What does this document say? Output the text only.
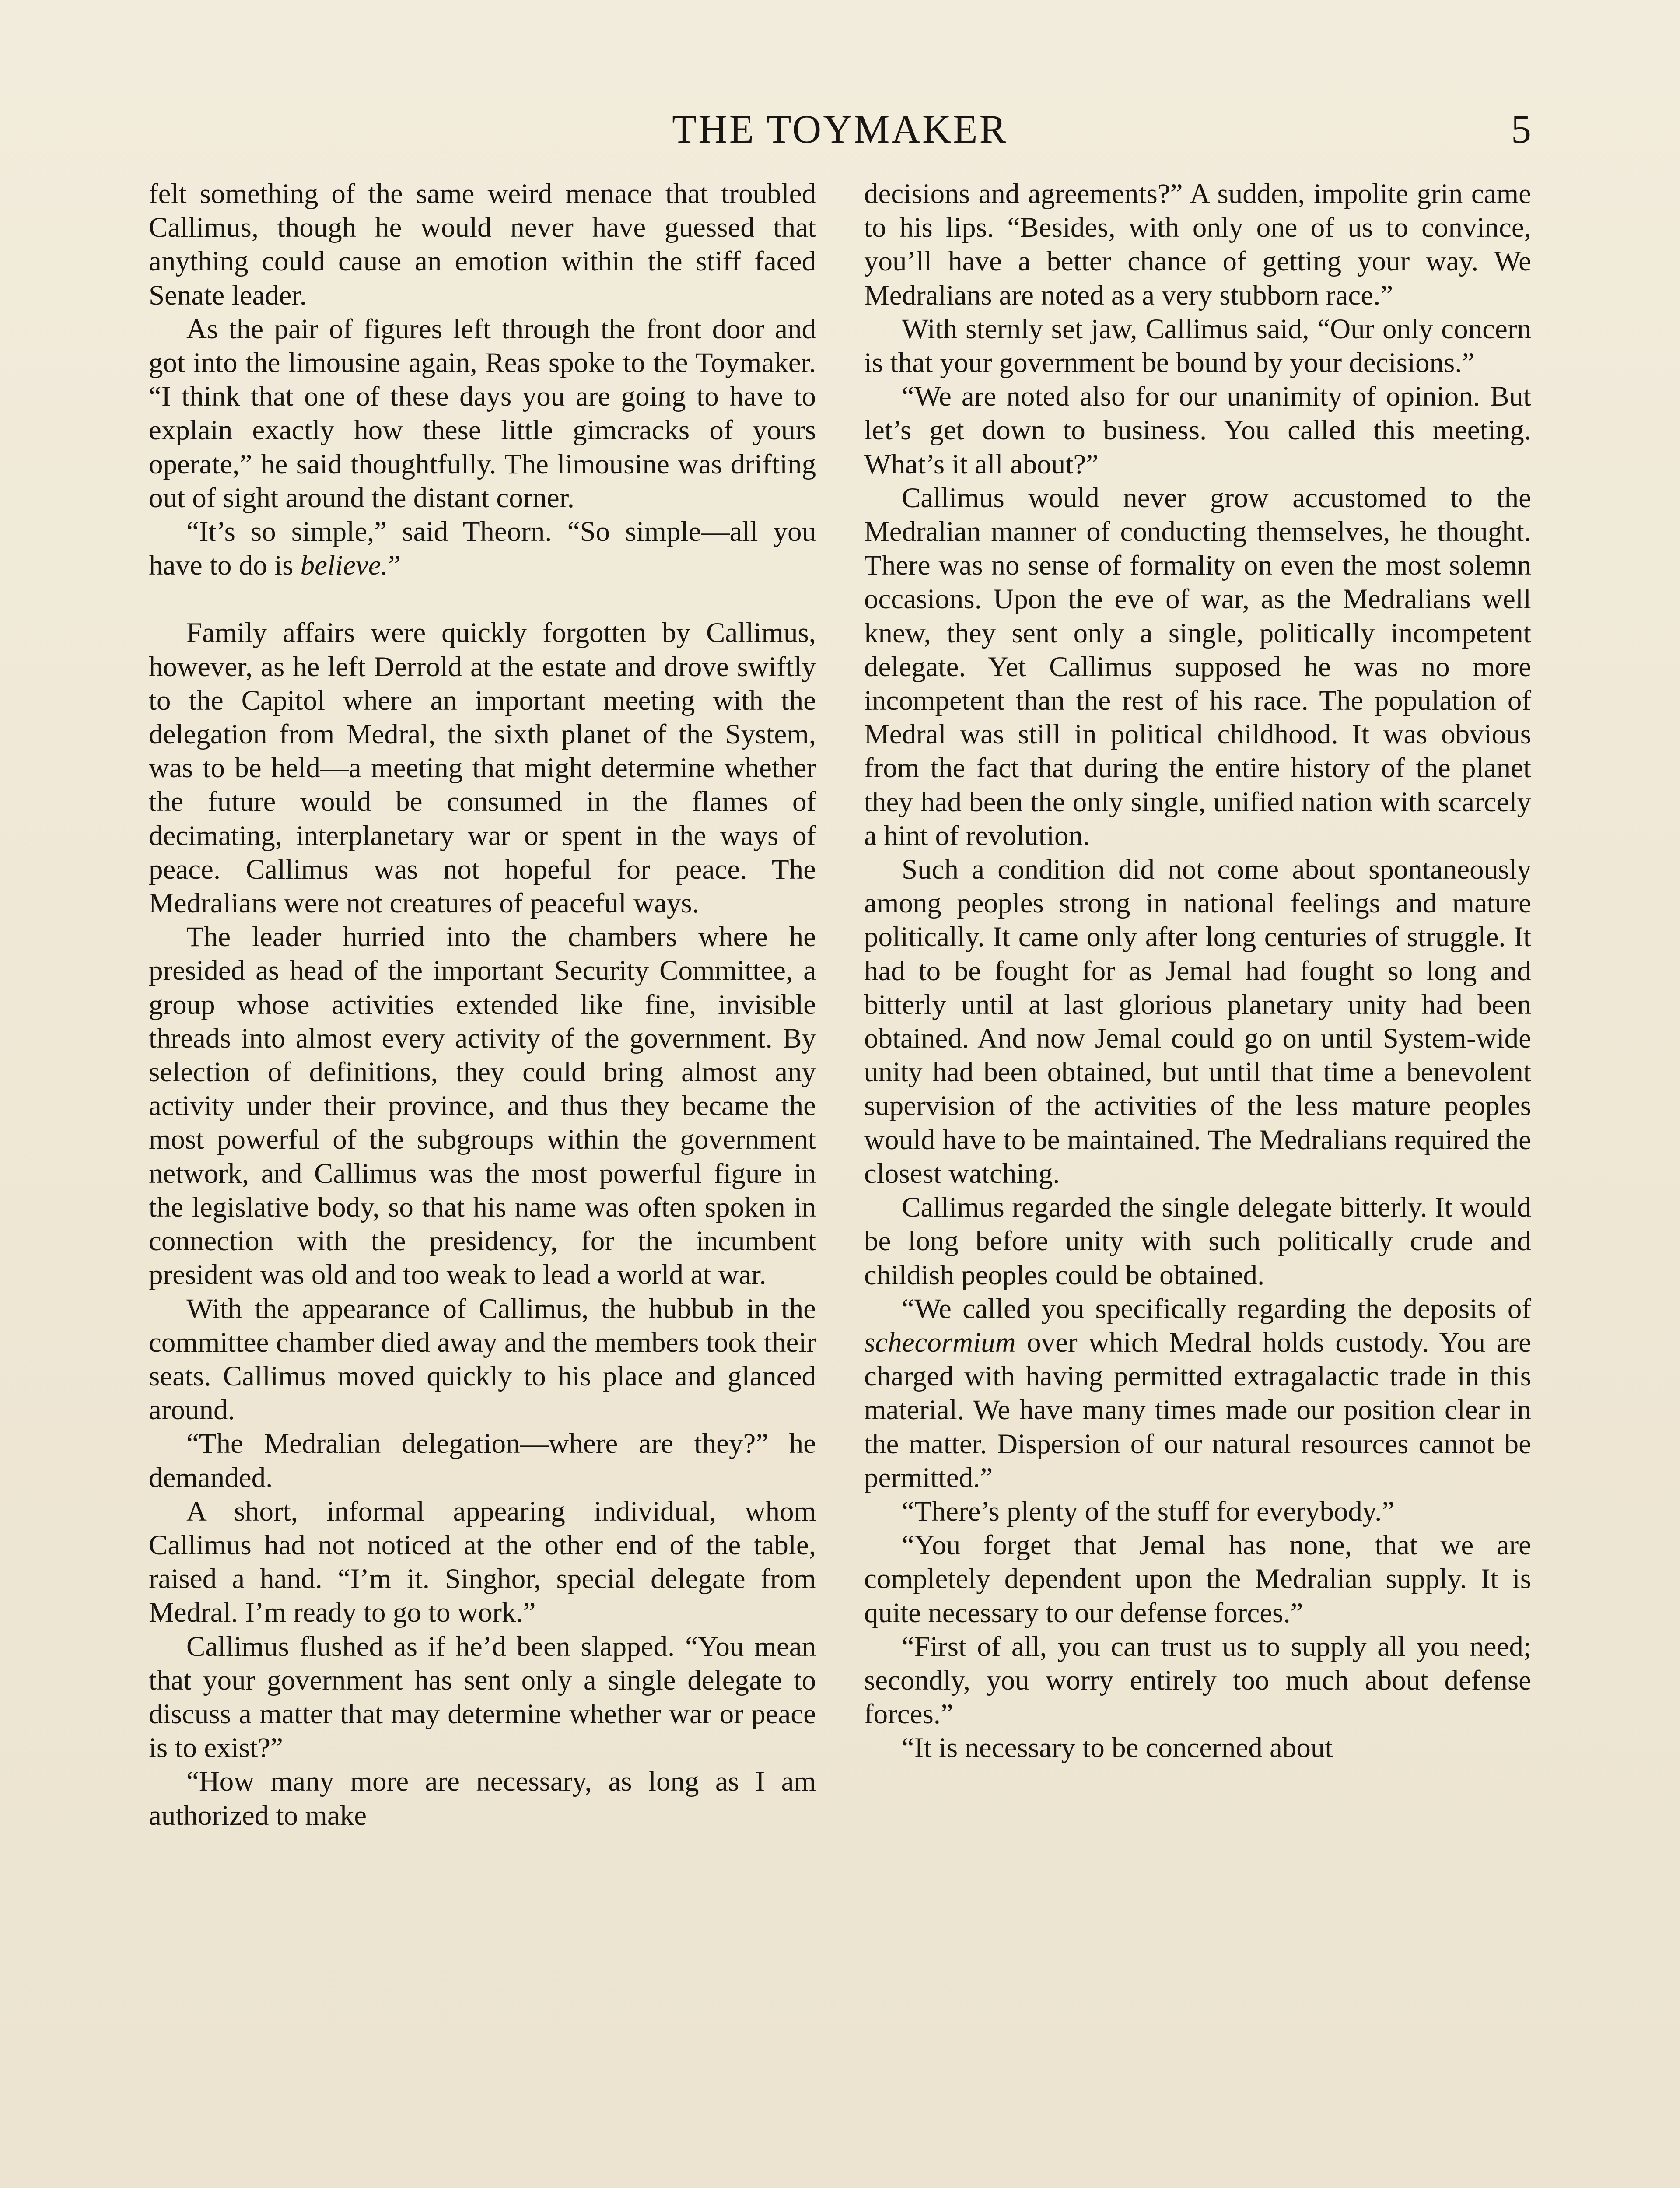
THE TOYMAKER	5

felt something of the same weird menace that troubled Callimus, though he would never have guessed that anything could cause an emotion within the stiff faced Senate leader.

As the pair of figures left through the front door and got into the limousine again, Reas spoke to the Toymaker. “I think that one of these days you are going to have to explain exactly how these little gimcracks of yours operate,” he said thoughtfully. The limousine was drifting out of sight around the distant corner.

“It’s so simple,” said Theorn. “So simple—all you have to do is believe.”

Family affairs were quickly forgotten by Callimus, however, as he left Derrold at the estate and drove swiftly to the Capitol where an important meeting with the delegation from Medral, the sixth planet of the System, was to be held—a meeting that might determine whether the future would be consumed in the flames of decimating, interplanetary war or spent in the ways of peace. Callimus was not hopeful for peace. The Medralians were not creatures of peaceful ways.

The leader hurried into the chambers where he presided as head of the important Security Committee, a group whose activities extended like fine, invisible threads into almost every activity of the government. By selection of definitions, they could bring almost any activity under their province, and thus they became the most powerful of the subgroups within the government network, and Callimus was the most powerful figure in the legislative body, so that his name was often spoken in connection with the presidency, for the incumbent president was old and too weak to lead a world at war.

With the appearance of Callimus, the hubbub in the committee chamber died away and the members took their seats. Callimus moved quickly to his place and glanced around.

“The Medralian delegation—where are they?” he demanded.

A short, informal appearing individual, whom Callimus had not noticed at the other end of the table, raised a hand. “I’m it. Singhor, special delegate from Medral. I’m ready to go to work.”

Callimus flushed as if he’d been slapped. “You mean that your government has sent only a single delegate to discuss a matter that may determine whether war or peace is to exist?”

“How many more are necessary, as long as I am authorized to make

decisions and agreements?” A sudden, impolite grin came to his lips. “Besides, with only one of us to convince, you’ll have a better chance of getting your way. We Medralians are noted as a very stubborn race.”

With sternly set jaw, Callimus said, “Our only concern is that your government be bound by your decisions.”

“We are noted also for our unanimity of opinion. But let’s get down to business. You called this meeting. What’s it all about?”

Callimus would never grow accustomed to the Medralian manner of conducting themselves, he thought. There was no sense of formality on even the most solemn occasions. Upon the eve of war, as the Medralians well knew, they sent only a single, politically incompetent delegate. Yet Callimus supposed he was no more incompetent than the rest of his race. The population of Medral was still in political childhood. It was obvious from the fact that during the entire history of the planet they had been the only single, unified nation with scarcely a hint of revolution.

Such a condition did not come about spontaneously among peoples strong in national feelings and mature politically. It came only after long centuries of struggle. It had to be fought for as Jemal had fought so long and bitterly until at last glorious planetary unity had been obtained. And now Jemal could go on until System-wide unity had been obtained, but until that time a benevolent supervision of the activities of the less mature peoples would have to be maintained. The Medralians required the closest watching.

Callimus regarded the single delegate bitterly. It would be long before unity with such politically crude and childish peoples could be obtained.

“We called you specifically regarding the deposits of schecormium over which Medral holds custody. You are charged with having permitted extragalactic trade in this material. We have many times made our position clear in the matter. Dispersion of our natural resources cannot be permitted.”

“There’s plenty of the stuff for everybody.”

“You forget that Jemal has none, that we are completely dependent upon the Medralian supply. It is quite necessary to our defense forces.”

“First of all, you can trust us to supply all you need; secondly, you worry entirely too much about defense forces.”

“It is necessary to be concerned about
